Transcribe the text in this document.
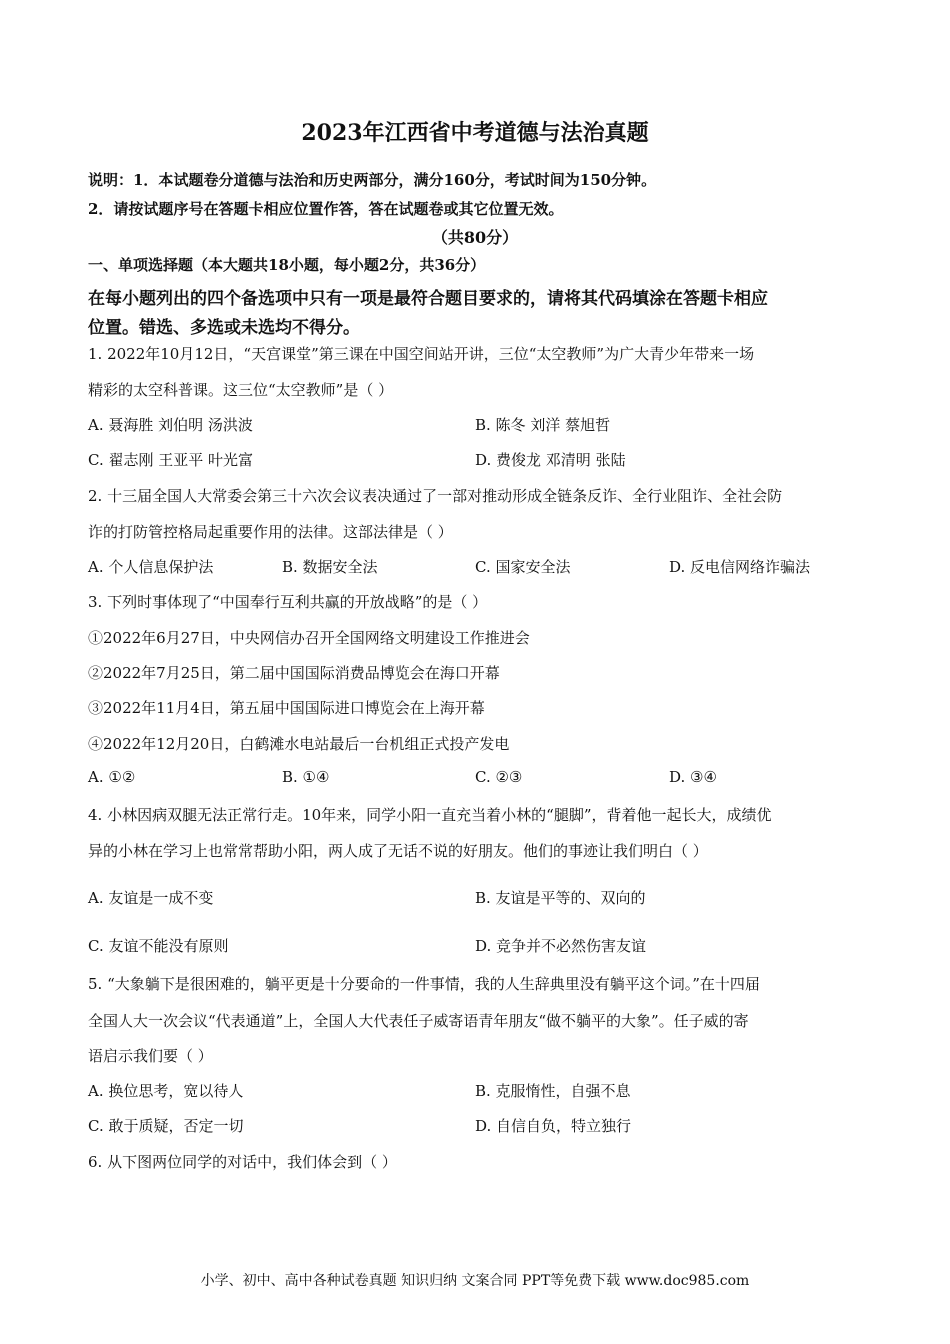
2023年江西省中考道德与法治真题
说明：1．本试题卷分道德与法治和历史两部分，满分160分，考试时间为150分钟。
2．请按试题序号在答题卡相应位置作答，答在试题卷或其它位置无效。
（共80分）
一、单项选择题（本大题共18小题，每小题2分，共36分）
在每小题列出的四个备选项中只有一项是最符合题目要求的，请将其代码填涂在答题卡相应
位置。错选、多选或未选均不得分。
1. 2022年10月12日，“天宫课堂”第三课在中国空间站开讲，三位“太空教师”为广大青少年带来一场
精彩的太空科普课。这三位“太空教师”是（ ）
A. 聂海胜 刘伯明 汤洪波	B. 陈冬 刘洋 蔡旭哲
C. 翟志刚 王亚平 叶光富	D. 费俊龙 邓清明 张陆
2. 十三届全国人大常委会第三十六次会议表决通过了一部对推动形成全链条反诈、全行业阻诈、全社会防
诈的打防管控格局起重要作用的法律。这部法律是（ ）
A. 个人信息保护法	B. 数据安全法	C. 国家安全法	D. 反电信网络诈骗法
3. 下列时事体现了“中国奉行互利共赢的开放战略”的是（ ）
①2022年6月27日，中央网信办召开全国网络文明建设工作推进会
②2022年7月25日，第二届中国国际消费品博览会在海口开幕
③2022年11月4日，第五届中国国际进口博览会在上海开幕
④2022年12月20日，白鹤滩水电站最后一台机组正式投产发电
A. ①②	B. ①④	C. ②③	D. ③④
4. 小林因病双腿无法正常行走。10年来，同学小阳一直充当着小林的“腿脚”，背着他一起长大，成绩优
异的小林在学习上也常常帮助小阳，两人成了无话不说的好朋友。他们的事迹让我们明白（ ）
A. 友谊是一成不变	B. 友谊是平等的、双向的
C. 友谊不能没有原则	D. 竞争并不必然伤害友谊
5. “大象躺下是很困难的，躺平更是十分要命的一件事情，我的人生辞典里没有躺平这个词。”在十四届
全国人大一次会议“代表通道”上，全国人大代表任子威寄语青年朋友“做不躺平的大象”。任子威的寄
语启示我们要（ ）
A. 换位思考，宽以待人	B. 克服惰性，自强不息
C. 敢于质疑，否定一切	D. 自信自负，特立独行
6. 从下图两位同学的对话中，我们体会到（ ）
小学、初中、高中各种试卷真题 知识归纳 文案合同 PPT等免费下载 www.doc985.com
